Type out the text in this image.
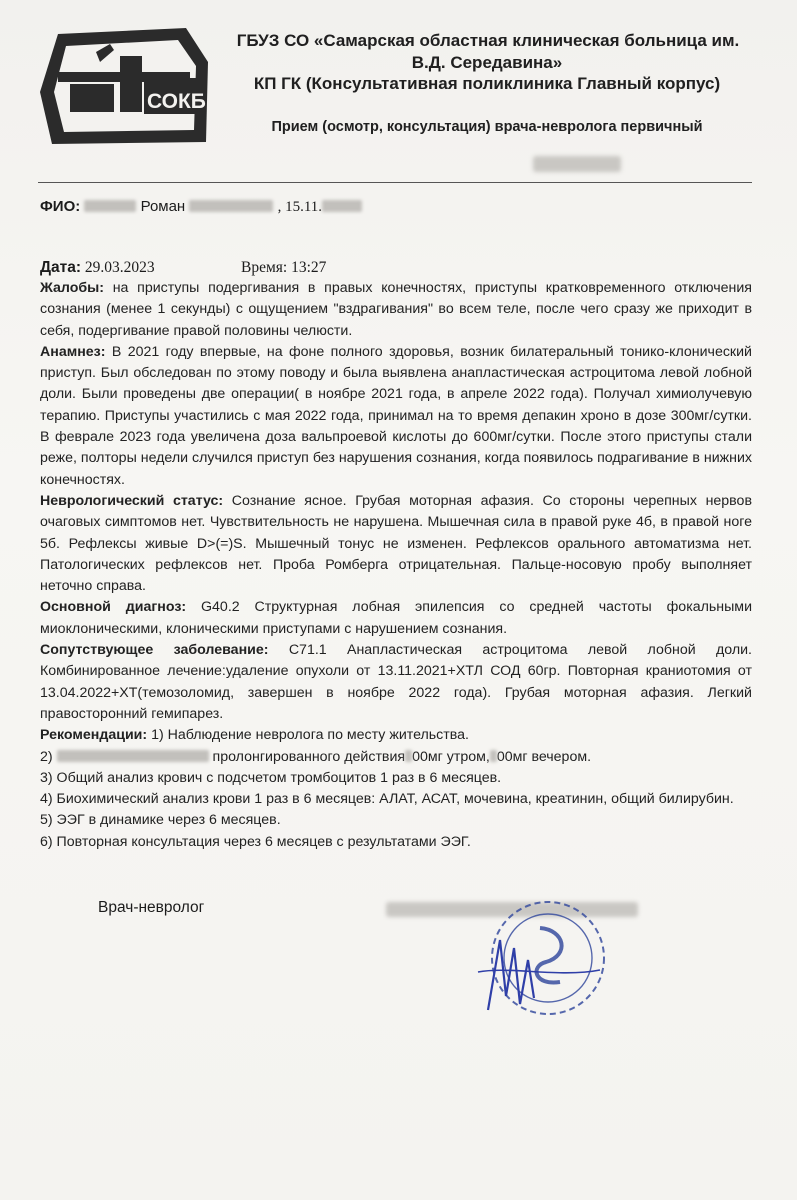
СОКБ
ГБУЗ СО «Самарская областная клиническая больница им.
В.Д. Середавина»
КП ГК (Консультативная поликлиника Главный корпус)
Прием (осмотр, консультация) врача-невролога первичный
ФИО:	Роман	, 15.11.
Дата: 29.03.2023	Время: 13:27

Жалобы: на приступы подергивания в правых конечностях, приступы кратковременного отключения сознания (менее 1 секунды) с ощущением "вздрагивания" во всем теле, после чего сразу же приходит в себя, подергивание правой половины челюсти.

Анамнез: В 2021 году впервые, на фоне полного здоровья, возник билатеральный тонико-клонический приступ. Был обследован по этому поводу и была выявлена анапластическая астроцитома левой лобной доли. Были проведены две операции( в ноябре 2021 года, в апреле 2022 года). Получал химиолучевую терапию. Приступы участились с мая 2022 года, принимал на то время депакин хроно в дозе 300мг/сутки. В феврале 2023 года увеличена доза вальпроевой кислоты до 600мг/сутки. После этого приступы стали реже, полторы недели случился приступ без нарушения сознания, когда появилось подрагивание в нижних конечностях.

Неврологический статус: Сознание ясное. Грубая моторная афазия. Со стороны черепных нервов очаговых симптомов нет. Чувствительность не нарушена. Мышечная сила в правой руке 4б, в правой ноге 5б. Рефлексы живые D>(=)S. Мышечный тонус не изменен. Рефлексов орального автоматизма нет. Патологических рефлексов нет. Проба Ромберга отрицательная. Пальце-носовую пробу выполняет неточно справа.

Основной диагноз: G40.2 Структурная лобная эпилепсия со средней частоты фокальными миоклоническими, клоническими приступами с нарушением сознания.

Сопутствующее заболевание: C71.1 Анапластическая астроцитома левой лобной доли. Комбинированное лечение:удаление опухоли от 13.11.2021+ХТЛ СОД 60гр. Повторная краниотомия от 13.04.2022+ХТ(темозоломид, завершен в ноябре 2022 года). Грубая моторная афазия. Легкий правосторонний гемипарез.

Рекомендации: 1) Наблюдение невролога по месту жительства.

2)	пролонгированного действия 00мг утром, 00мг вечером.

3) Общий анализ крович с подсчетом тромбоцитов 1 раз в 6 месяцев.

4) Биохимический анализ крови 1 раз в 6 месяцев: АЛАТ, АСАТ, мочевина, креатинин, общий билирубин.

5) ЭЭГ в динамике через 6 месяцев.

6) Повторная консультация через 6 месяцев с результатами ЭЭГ.

Врач-невролог
